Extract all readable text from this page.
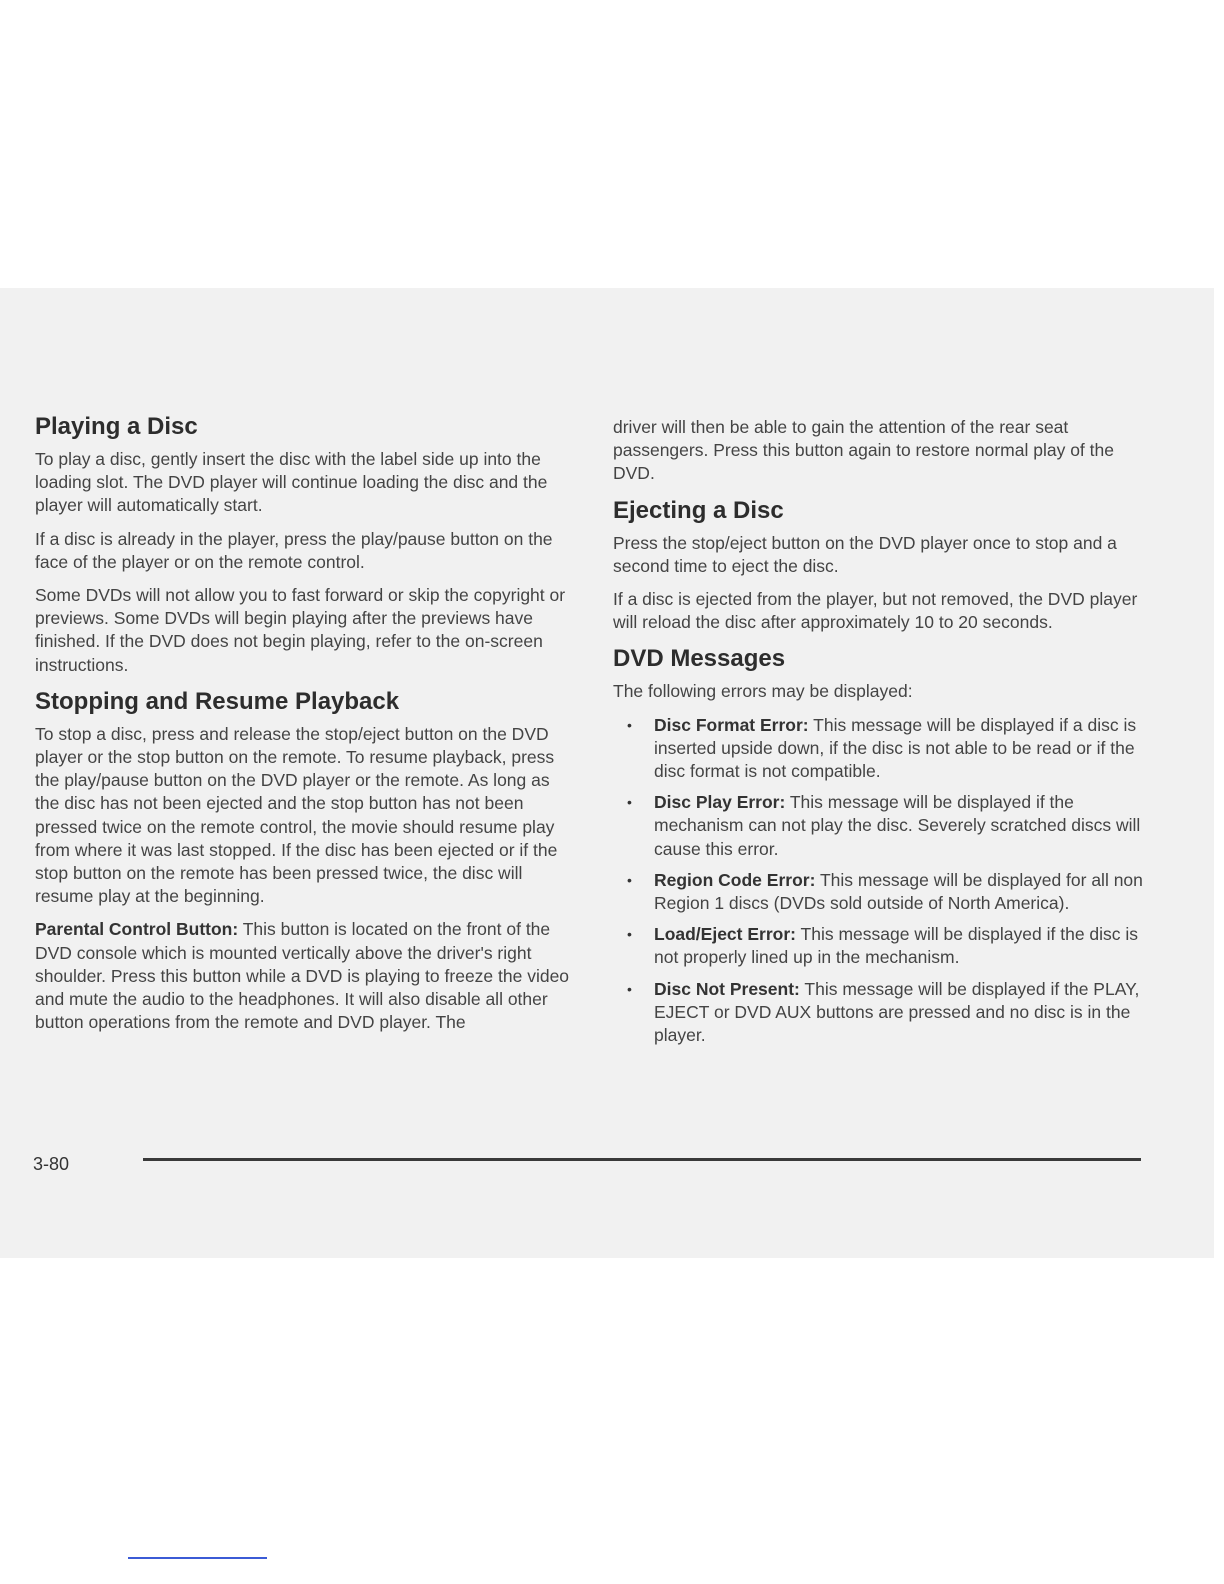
Playing a Disc

To play a disc, gently insert the disc with the label side up into the loading slot. The DVD player will continue loading the disc and the player will automatically start.

If a disc is already in the player, press the play/pause button on the face of the player or on the remote control.

Some DVDs will not allow you to fast forward or skip the copyright or previews. Some DVDs will begin playing after the previews have finished. If the DVD does not begin playing, refer to the on-screen instructions.

Stopping and Resume Playback

To stop a disc, press and release the stop/eject button on the DVD player or the stop button on the remote. To resume playback, press the play/pause button on the DVD player or the remote. As long as the disc has not been ejected and the stop button has not been pressed twice on the remote control, the movie should resume play from where it was last stopped. If the disc has been ejected or if the stop button on the remote has been pressed twice, the disc will resume play at the beginning.

Parental Control Button: This button is located on the front of the DVD console which is mounted vertically above the driver's right shoulder. Press this button while a DVD is playing to freeze the video and mute the audio to the headphones. It will also disable all other button operations from the remote and DVD player. The

driver will then be able to gain the attention of the rear seat passengers. Press this button again to restore normal play of the DVD.

Ejecting a Disc

Press the stop/eject button on the DVD player once to stop and a second time to eject the disc.

If a disc is ejected from the player, but not removed, the DVD player will reload the disc after approximately 10 to 20 seconds.

DVD Messages

The following errors may be displayed:

• Disc Format Error: This message will be displayed if a disc is inserted upside down, if the disc is not able to be read or if the disc format is not compatible.
• Disc Play Error: This message will be displayed if the mechanism can not play the disc. Severely scratched discs will cause this error.
• Region Code Error: This message will be displayed for all non Region 1 discs (DVDs sold outside of North America).
• Load/Eject Error: This message will be displayed if the disc is not properly lined up in the mechanism.
• Disc Not Present: This message will be displayed if the PLAY, EJECT or DVD AUX buttons are pressed and no disc is in the player.
3-80
